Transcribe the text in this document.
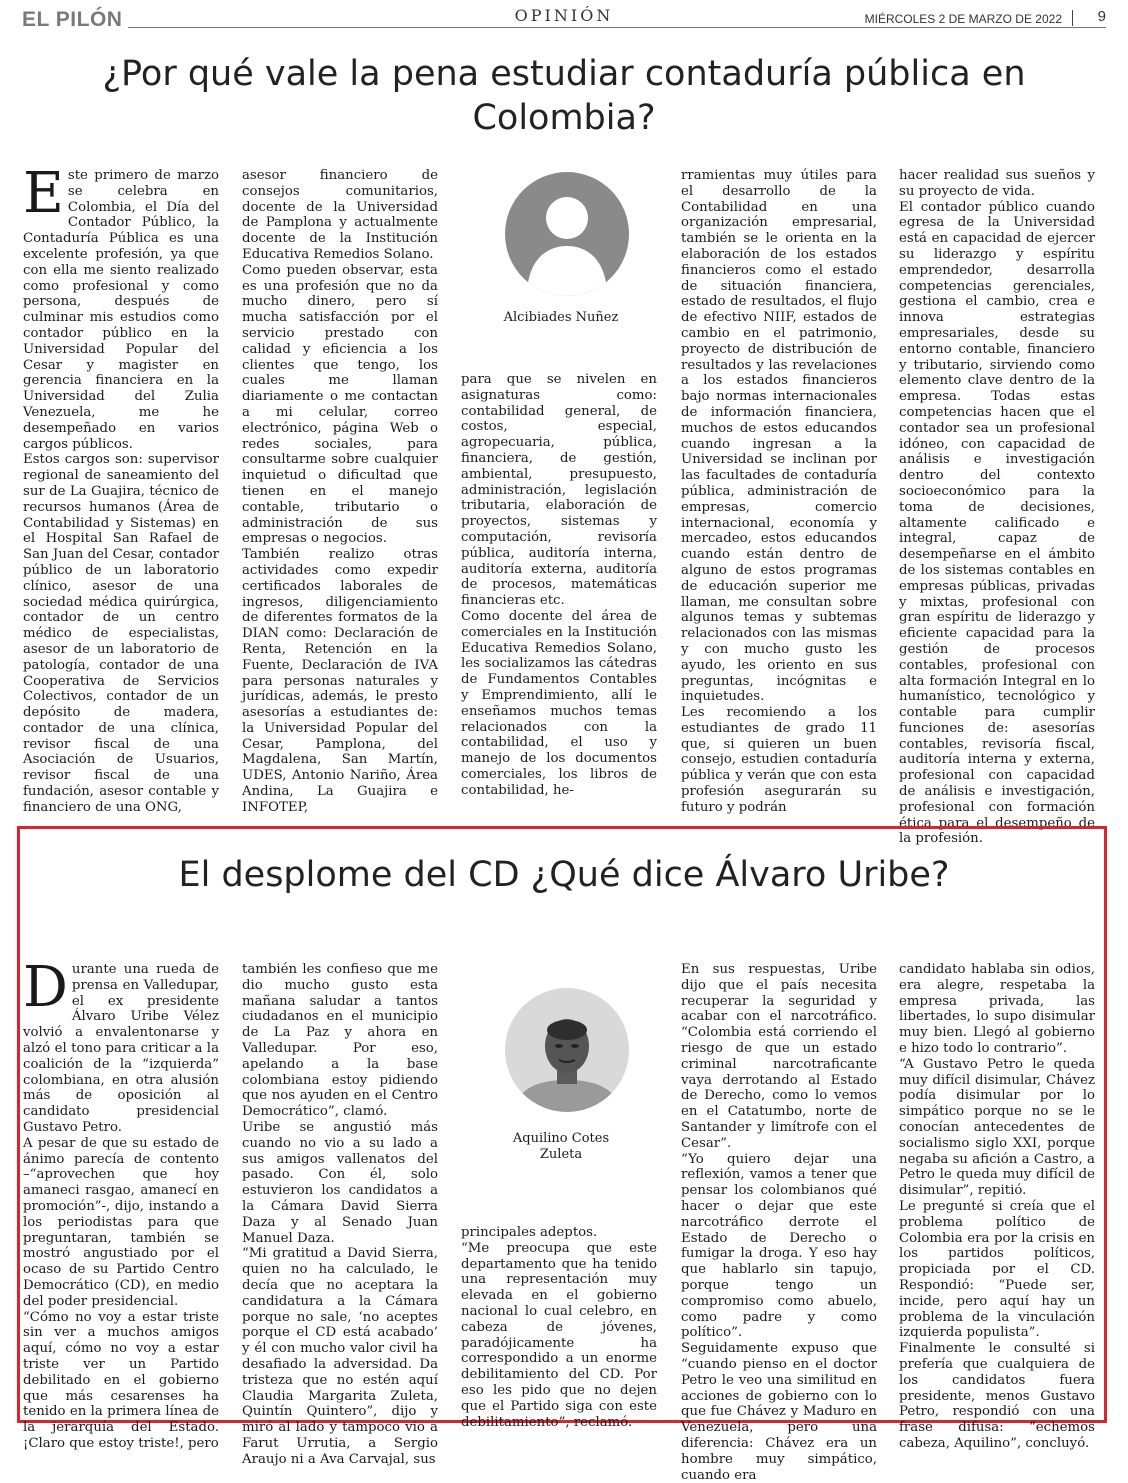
EL PILÓN	OPINIÓN	MIÉRCOLES 2 DE MARZO DE 2022 9
¿Por qué vale la pena estudiar contaduría pública en Colombia?
E ste primero de marzo se celebra en Colombia, el Día del Contador Público, la Contaduría Pública es una excelente profesión, ya que con ella me siento realizado como profesional y como persona, después de culminar mis estudios como contador público en la Universidad Popular del Cesar y magister en gerencia financiera en la Universidad del Zulia Venezuela, me he desempeñado en varios cargos públicos.

Estos cargos son: supervisor regional de saneamiento del sur de La Guajira, técnico de recursos humanos (Área de Contabilidad y Sistemas) en el Hospital San Rafael de San Juan del Cesar, contador público de un laboratorio clínico, asesor de una sociedad médica quirúrgica, contador de un centro médico de especialistas, asesor de un laboratorio de patología, contador de una Cooperativa de Servicios Colectivos, contador de un depósito de madera, contador de una clínica, revisor fiscal de una Asociación de Usuarios, revisor fiscal de una fundación, asesor contable y financiero de una ONG,

asesor financiero de consejos comunitarios, docente de la Universidad de Pamplona y actualmente docente de la Institución Educativa Remedios Solano.

Como pueden observar, esta es una profesión que no da mucho dinero, pero sí mucha satisfacción por el servicio prestado con calidad y eficiencia a los clientes que tengo, los cuales me llaman diariamente o me contactan a mi celular, correo electrónico, página Web o redes sociales, para consultarme sobre cualquier inquietud o dificultad que tienen en el manejo contable, tributario o administración de sus empresas o negocios.

También realizo otras actividades como expedir certificados laborales de ingresos, diligenciamiento de diferentes formatos de la DIAN como: Declaración de Renta, Retención en la Fuente, Declaración de IVA para personas naturales y jurídicas, además, le presto asesorías a estudiantes de: la Universidad Popular del Cesar, Pamplona, del Magdalena, San Martín, UDES, Antonio Nariño, Área Andina, La Guajira e INFOTEP,

Alcibiades Nuñez

para que se nivelen en asignaturas como: contabilidad general, de costos, especial, agropecuaria, pública, financiera, de gestión, ambiental, presupuesto, administración, legislación tributaria, elaboración de proyectos, sistemas y computación, revisoría pública, auditoría interna, auditoría externa, auditoría de procesos, matemáticas financieras etc.

Como docente del área de comerciales en la Institución Educativa Remedios Solano, les socializamos las cátedras de Fundamentos Contables y Emprendimiento, allí le enseñamos muchos temas relacionados con la contabilidad, el uso y manejo de los documentos comerciales, los libros de contabilidad, he-

rramientas muy útiles para el desarrollo de la Contabilidad en una organización empresarial, también se le orienta en la elaboración de los estados financieros como el estado de situación financiera, estado de resultados, el flujo de efectivo NIIF, estados de cambio en el patrimonio, proyecto de distribución de resultados y las revelaciones a los estados financieros bajo normas internacionales de información financiera, muchos de estos educandos cuando ingresan a la Universidad se inclinan por las facultades de contaduría pública, administración de empresas, comercio internacional, economía y mercadeo, estos educandos cuando están dentro de alguno de estos programas de educación superior me llaman, me consultan sobre algunos temas y subtemas relacionados con las mismas y con mucho gusto les ayudo, les oriento en sus preguntas, incógnitas e inquietudes.

Les recomiendo a los estudiantes de grado 11 que, si quieren un buen consejo, estudien contaduría pública y verán que con esta profesión asegurarán su futuro y podrán

hacer realidad sus sueños y su proyecto de vida.

El contador público cuando egresa de la Universidad está en capacidad de ejercer su liderazgo y espíritu emprendedor, desarrolla competencias gerenciales, gestiona el cambio, crea e innova estrategias empresariales, desde su entorno contable, financiero y tributario, sirviendo como elemento clave dentro de la empresa. Todas estas competencias hacen que el contador sea un profesional idóneo, con capacidad de análisis e investigación dentro del contexto socioeconómico para la toma de decisiones, altamente calificado e integral, capaz de desempeñarse en el ámbito de los sistemas contables en empresas públicas, privadas y mixtas, profesional con gran espíritu de liderazgo y eficiente capacidad para la gestión de procesos contables, profesional con alta formación Integral en lo humanístico, tecnológico y contable para cumplir funciones de: asesorías contables, revisoría fiscal, auditoría interna y externa, profesional con capacidad de análisis e investigación, profesional con formación ética para el desempeño de la profesión.

El desplome del CD ¿Qué dice Álvaro Uribe?
D urante una rueda de prensa en Valledupar, el ex presidente Álvaro Uribe Vélez volvió a envalentonarse y alzó el tono para criticar a la coalición de la “izquierda” colombiana, en otra alusión más de oposición al candidato presidencial Gustavo Petro.

A pesar de que su estado de ánimo parecía de contento –“aprovechen que hoy amaneci rasgao, amanecí en promoción”-, dijo, instando a los periodistas para que preguntaran, también se mostró angustiado por el ocaso de su Partido Centro Democrático (CD), en medio del poder presidencial.

“Cómo no voy a estar triste sin ver a muchos amigos aquí, cómo no voy a estar triste ver un Partido debilitado en el gobierno que más cesarenses ha tenido en la primera línea de la jerarquía del Estado. ¡Claro que estoy triste!, pero

también les confieso que me dio mucho gusto esta mañana saludar a tantos ciudadanos en el municipio de La Paz y ahora en Valledupar. Por eso, apelando a la base colombiana estoy pidiendo que nos ayuden en el Centro Democrático”, clamó.

Uribe se angustió más cuando no vio a su lado a sus amigos vallenatos del pasado. Con él, solo estuvieron los candidatos a la Cámara David Sierra Daza y al Senado Juan Manuel Daza.

“Mi gratitud a David Sierra, quien no ha calculado, le decía que no aceptara la candidatura a la Cámara porque no sale, ‘no aceptes porque el CD está acabado’ y él con mucho valor civil ha desafiado la adversidad. Da tristeza que no estén aquí Claudia Margarita Zuleta, Quintín Quintero”, dijo y miró al lado y tampoco vio a Farut Urrutia, a Sergio Araujo ni a Ava Carvajal, sus

Aquilino Cotes
Zuleta

principales adeptos.

“Me preocupa que este departamento que ha tenido una representación muy elevada en el gobierno nacional lo cual celebro, en cabeza de jóvenes, paradójicamente ha correspondido a un enorme debilitamiento del CD. Por eso les pido que no dejen que el Partido siga con este debilitamiento”, reclamó.

En sus respuestas, Uribe dijo que el país necesita recuperar la seguridad y acabar con el narcotráfico. “Colombia está corriendo el riesgo de que un estado criminal narcotraficante vaya derrotando al Estado de Derecho, como lo vemos en el Catatumbo, norte de Santander y limítrofe con el Cesar”.

“Yo quiero dejar una reflexión, vamos a tener que pensar los colombianos qué hacer o dejar que este narcotráfico derrote el Estado de Derecho o fumigar la droga. Y eso hay que hablarlo sin tapujo, porque tengo un compromiso como abuelo, como padre y como político”.

Seguidamente expuso que “cuando pienso en el doctor Petro le veo una similitud en acciones de gobierno con lo que fue Chávez y Maduro en Venezuela, pero una diferencia: Chávez era un hombre muy simpático, cuando era

candidato hablaba sin odios, era alegre, respetaba la empresa privada, las libertades, lo supo disimular muy bien. Llegó al gobierno e hizo todo lo contrario”.

“A Gustavo Petro le queda muy difícil disimular, Chávez podía disimular por lo simpático porque no se le conocían antecedentes de socialismo siglo XXI, porque negaba su afición a Castro, a Petro le queda muy difícil de disimular”, repitió.

Le pregunté si creía que el problema político de Colombia era por la crisis en los partidos políticos, propiciada por el CD. Respondió: “Puede ser, incide, pero aquí hay un problema de la vinculación izquierda populista”.

Finalmente le consulté si prefería que cualquiera de los candidatos fuera presidente, menos Gustavo Petro, respondió con una frase difusa: “echemos cabeza, Aquilino”, concluyó.
